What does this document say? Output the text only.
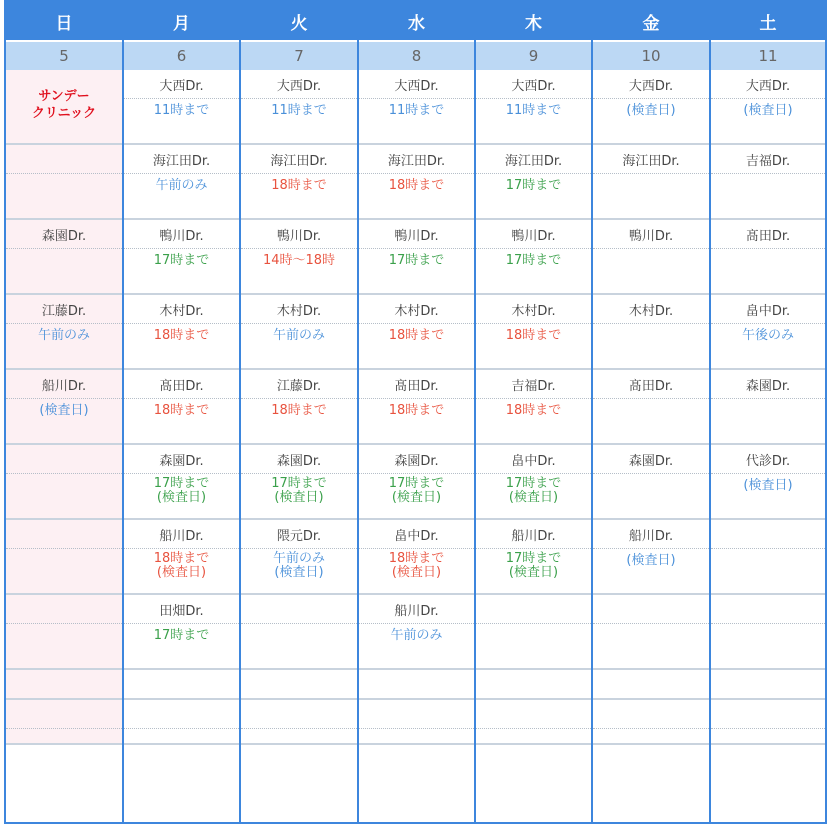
日
5
サンデー
クリニック
森園Dr.
江藤Dr.
午前のみ
船川Dr.
(検査日)
月
6
大西Dr.
11時まで
海江田Dr.
午前のみ
鴨川Dr.
17時まで
木村Dr.
18時まで
髙田Dr.
18時まで
森園Dr.
17時まで
(検査日)
船川Dr.
18時まで
(検査日)
田畑Dr.
17時まで
火
7
大西Dr.
11時まで
海江田Dr.
18時まで
鴨川Dr.
14時〜18時
木村Dr.
午前のみ
江藤Dr.
18時まで
森園Dr.
17時まで
(検査日)
隈元Dr.
午前のみ
(検査日)
水
8
大西Dr.
11時まで
海江田Dr.
18時まで
鴨川Dr.
17時まで
木村Dr.
18時まで
髙田Dr.
18時まで
森園Dr.
17時まで
(検査日)
畠中Dr.
18時まで
(検査日)
船川Dr.
午前のみ
木
9
大西Dr.
11時まで
海江田Dr.
17時まで
鴨川Dr.
17時まで
木村Dr.
18時まで
吉福Dr.
18時まで
畠中Dr.
17時まで
(検査日)
船川Dr.
17時まで
(検査日)
金
10
大西Dr.
(検査日)
海江田Dr.
鴨川Dr.
木村Dr.
髙田Dr.
森園Dr.
船川Dr.
(検査日)
土
11
大西Dr.
(検査日)
吉福Dr.
髙田Dr.
畠中Dr.
午後のみ
森園Dr.
代診Dr.
(検査日)
